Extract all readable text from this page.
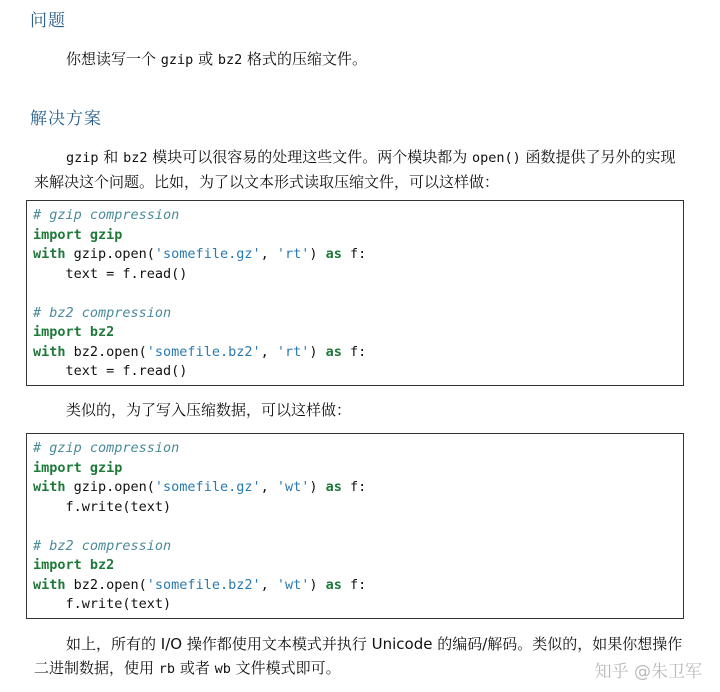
问题
你想读写一个 gzip 或 bz2 格式的压缩文件。
解决方案
gzip 和 bz2 模块可以很容易的处理这些文件。两个模块都为 open() 函数提供了另外的实现来解决这个问题。比如，为了以文本形式读取压缩文件，可以这样做：
# gzip compression
import gzip
with gzip.open('somefile.gz', 'rt') as f:
text = f.read()
# bz2 compression
import bz2
with bz2.open('somefile.bz2', 'rt') as f:
text = f.read()
类似的，为了写入压缩数据，可以这样做：
# gzip compression
import gzip
with gzip.open('somefile.gz', 'wt') as f:
f.write(text)
# bz2 compression
import bz2
with bz2.open('somefile.bz2', 'wt') as f:
f.write(text)
如上，所有的 I/O 操作都使用文本模式并执行 Unicode 的编码/解码。类似的，如果你想操作二进制数据，使用 rb 或者 wb 文件模式即可。	知乎 @朱卫军
